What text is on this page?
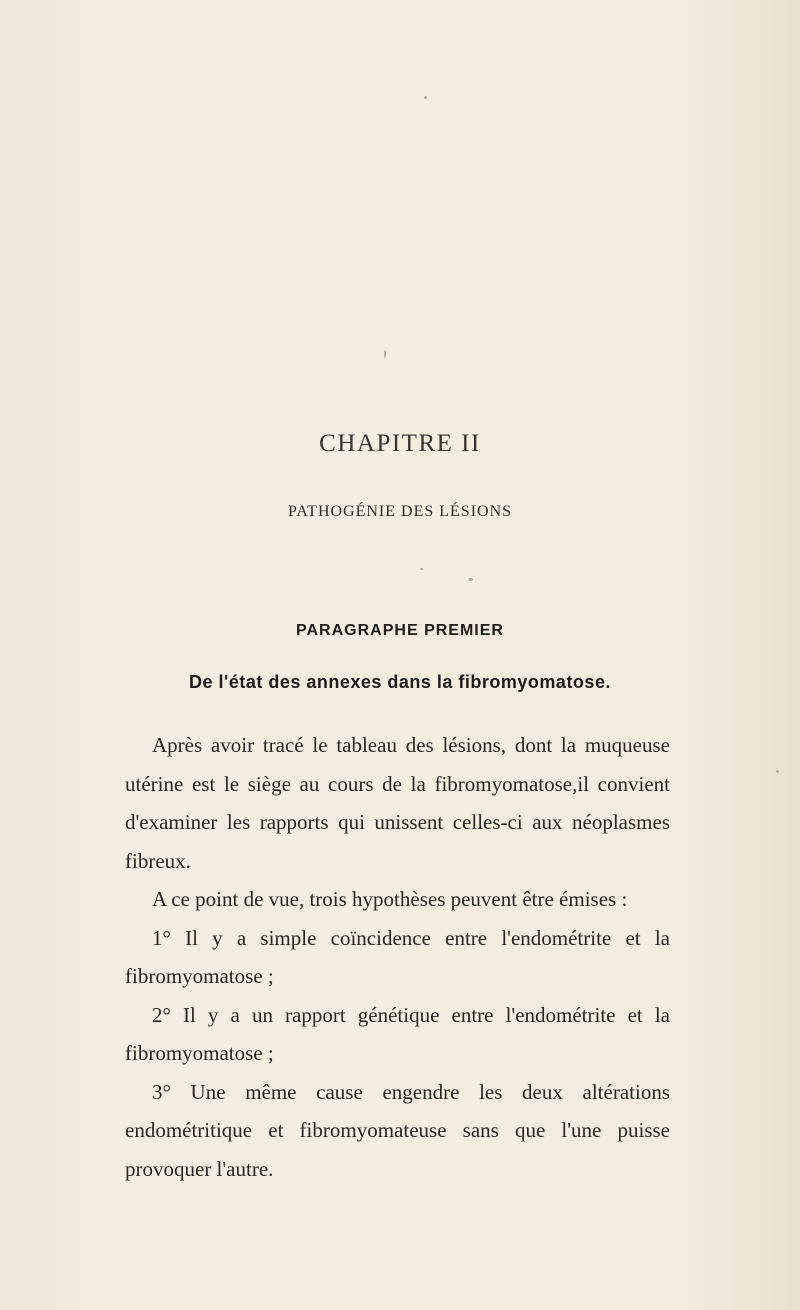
CHAPITRE II
PATHOGÉNIE DES LÉSIONS
PARAGRAPHE PREMIER
De l'état des annexes dans la fibromyomatose.

Après avoir tracé le tableau des lésions, dont la muqueuse utérine est le siège au cours de la fibromyomatose,il convient d'examiner les rapports qui unissent celles-ci aux néoplasmes fibreux.

A ce point de vue, trois hypothèses peuvent être émises :

1° Il y a simple coïncidence entre l'endométrite et la fibromyomatose ;

2° Il y a un rapport génétique entre l'endométrite et la fibromyomatose ;

3° Une même cause engendre les deux altérations endométritique et fibromyomateuse sans que l'une puisse provoquer l'autre.
